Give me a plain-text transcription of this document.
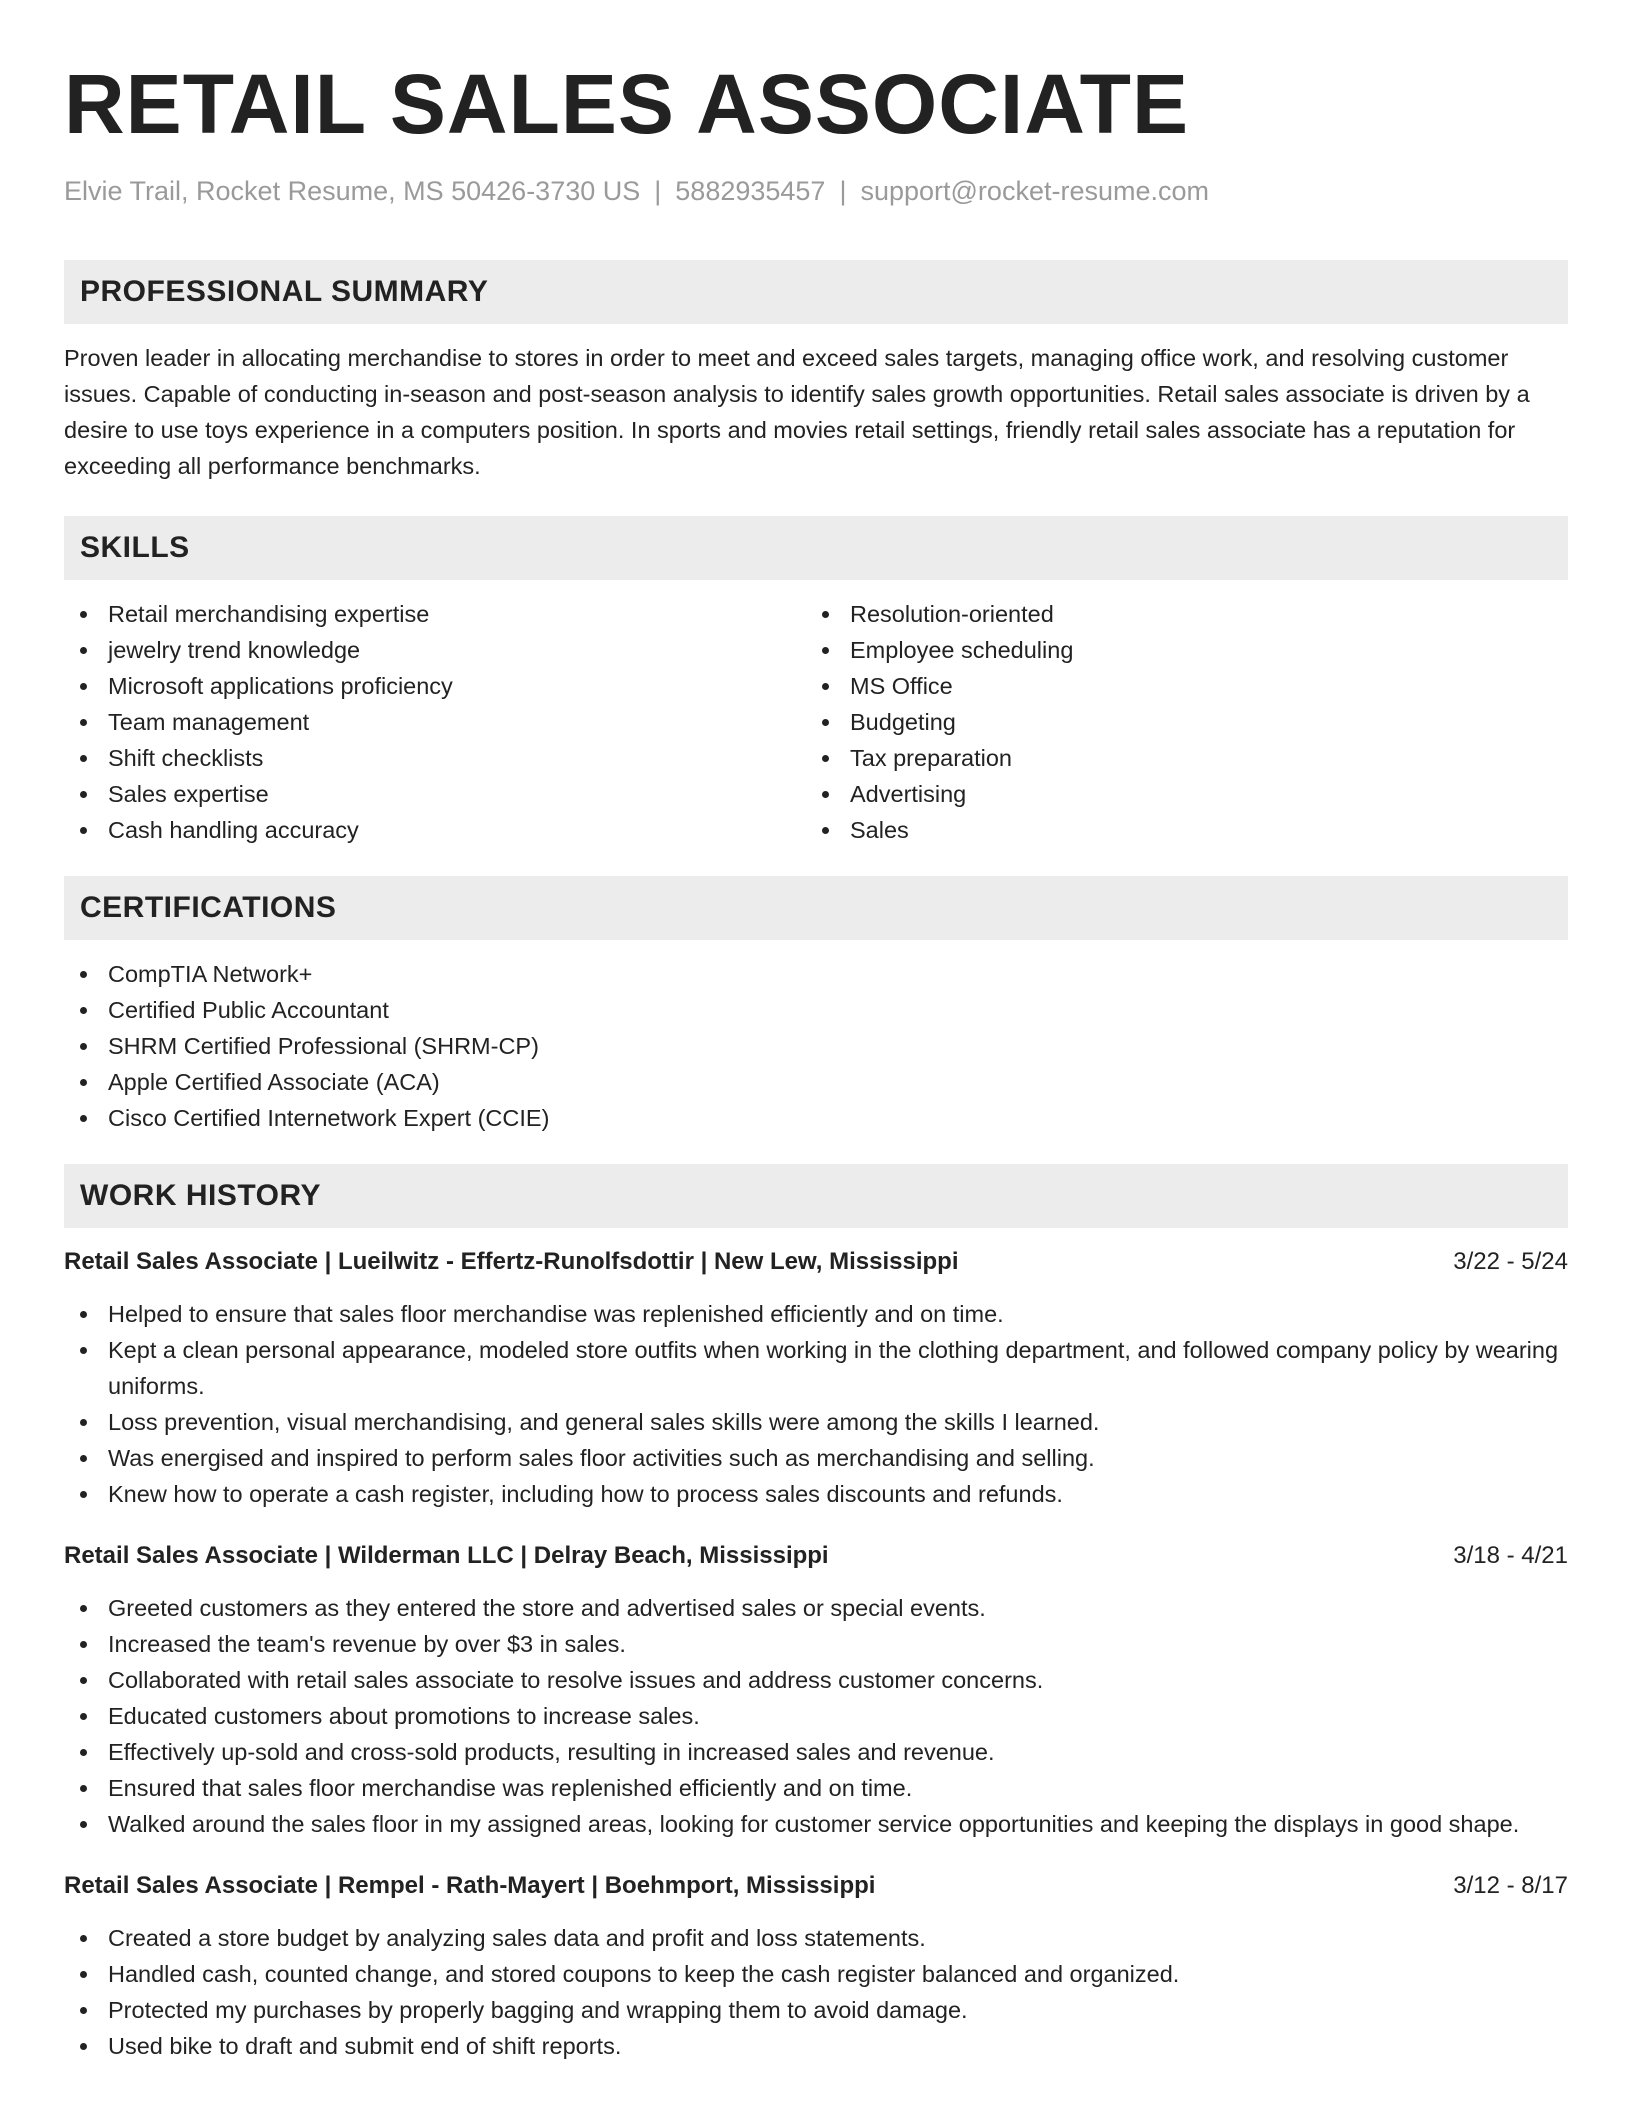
RETAIL SALES ASSOCIATE
Elvie Trail, Rocket Resume, MS 50426-3730 US | 5882935457 | support@rocket-resume.com
PROFESSIONAL SUMMARY

Proven leader in allocating merchandise to stores in order to meet and exceed sales targets, managing office work, and resolving customer issues. Capable of conducting in-season and post-season analysis to identify sales growth opportunities. Retail sales associate is driven by a desire to use toys experience in a computers position. In sports and movies retail settings, friendly retail sales associate has a reputation for exceeding all performance benchmarks.

SKILLS
Retail merchandising expertise
jewelry trend knowledge
Microsoft applications proficiency
Team management
Shift checklists
Sales expertise
Cash handling accuracy
Resolution-oriented
Employee scheduling
MS Office
Budgeting
Tax preparation
Advertising
Sales
CERTIFICATIONS
CompTIA Network+
Certified Public Accountant
SHRM Certified Professional (SHRM-CP)
Apple Certified Associate (ACA)
Cisco Certified Internetwork Expert (CCIE)
WORK HISTORY
Retail Sales Associate | Lueilwitz - Effertz-Runolfsdottir | New Lew, Mississippi	3/22 - 5/24
Helped to ensure that sales floor merchandise was replenished efficiently and on time.
Kept a clean personal appearance, modeled store outfits when working in the clothing department, and followed company policy by wearing uniforms.
Loss prevention, visual merchandising, and general sales skills were among the skills I learned.
Was energised and inspired to perform sales floor activities such as merchandising and selling.
Knew how to operate a cash register, including how to process sales discounts and refunds.
Retail Sales Associate | Wilderman LLC | Delray Beach, Mississippi	3/18 - 4/21
Greeted customers as they entered the store and advertised sales or special events.
Increased the team's revenue by over $3 in sales.
Collaborated with retail sales associate to resolve issues and address customer concerns.
Educated customers about promotions to increase sales.
Effectively up-sold and cross-sold products, resulting in increased sales and revenue.
Ensured that sales floor merchandise was replenished efficiently and on time.
Walked around the sales floor in my assigned areas, looking for customer service opportunities and keeping the displays in good shape.
Retail Sales Associate | Rempel - Rath-Mayert | Boehmport, Mississippi	3/12 - 8/17
Created a store budget by analyzing sales data and profit and loss statements.
Handled cash, counted change, and stored coupons to keep the cash register balanced and organized.
Protected my purchases by properly bagging and wrapping them to avoid damage.
Used bike to draft and submit end of shift reports.
